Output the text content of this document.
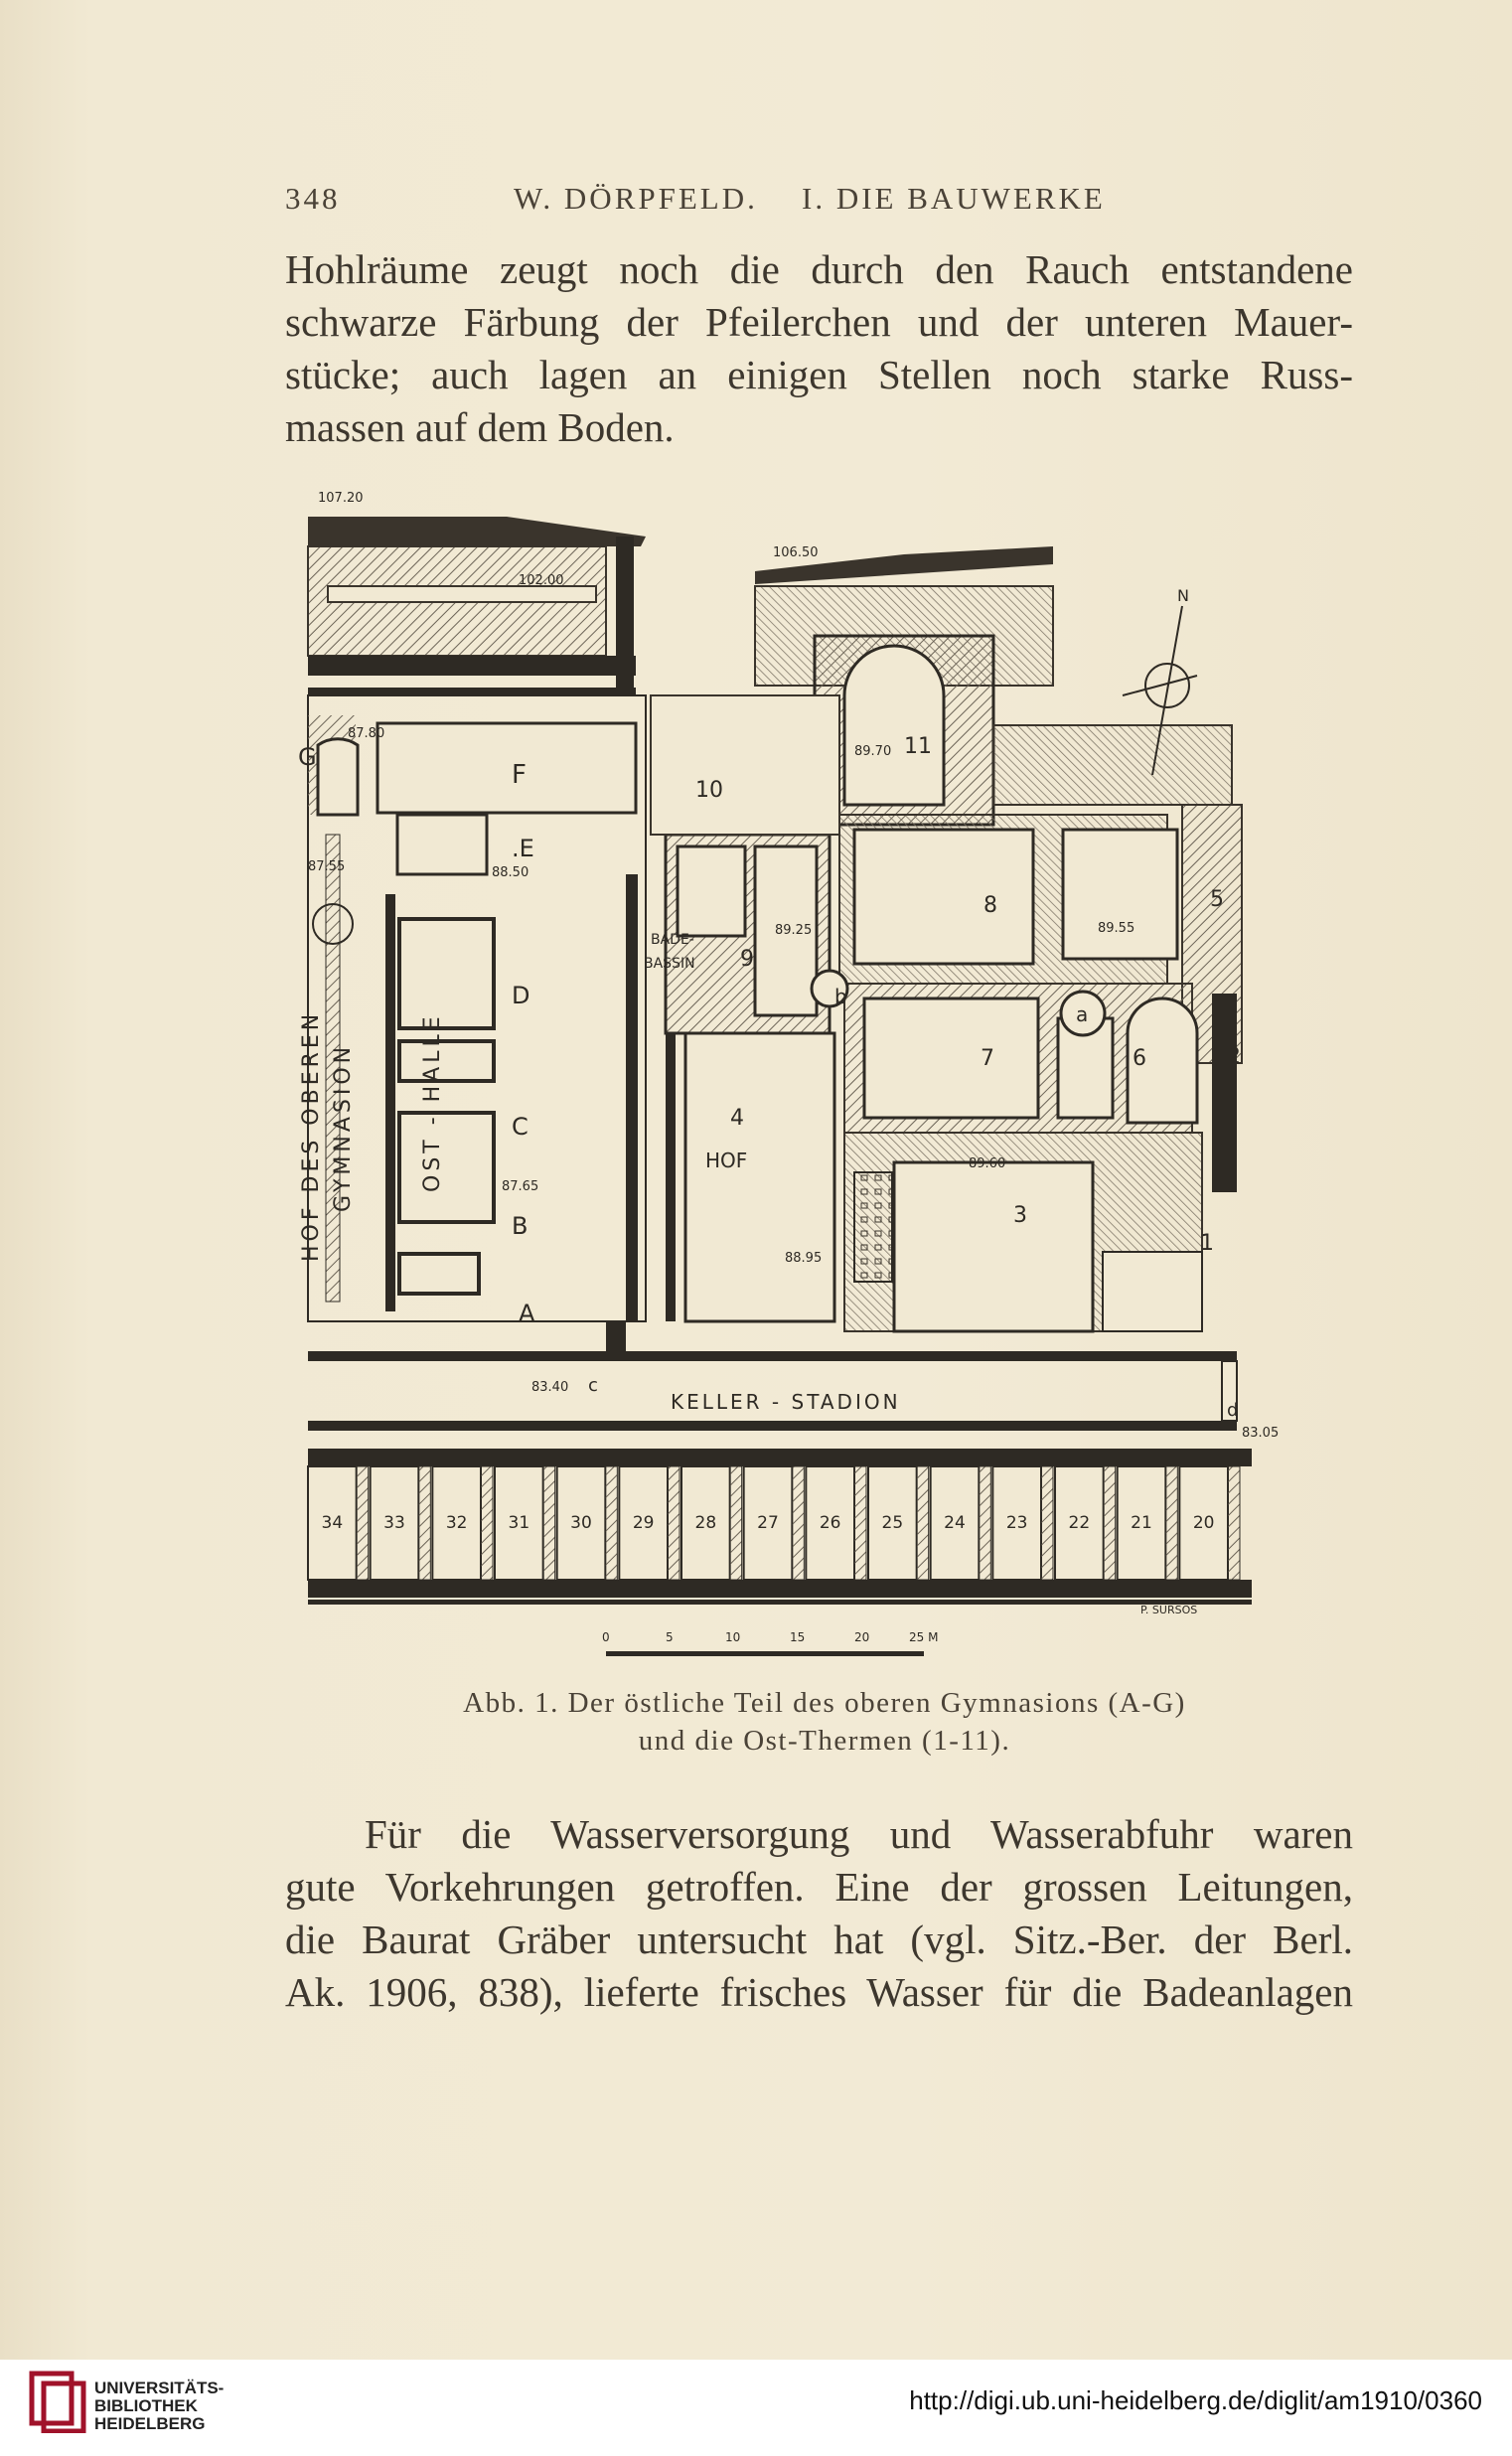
348	W. DÖRPFELD. I. DIE BAUWERKE
Hohlräume zeugt noch die durch den Rauch entstandene
schwarze Färbung der Pfeilerchen und der unteren Mauer-
stücke; auch lagen an einigen Stellen noch starke Russ-
massen auf dem Boden.
34 33 32 31 30 29 28 27 26 25 24 23 22 21 20
N
0	5	10	15	20	25 M
F
G
.E
D
C
B
A
c
d
b
a
1
2
3
4
5
6
7
8
9
10
11
HOF
BADE-
BASSIN
KELLER - STADION
P. SURSOS
107.20
106.50
102.00
87.80
87.55	88.50
89.25
89.70
89.55
89.60
88.95
87.65
83.40
83.05
HOF DES OBEREN GYMNASION	OST - HALLE
Abb. 1. Der östliche Teil des oberen Gymnasions (A-G)
und die Ost-Thermen (1-11).
Für die Wasserversorgung und Wasserabfuhr waren
gute Vorkehrungen getroffen. Eine der grossen Leitungen,
die Baurat Gräber untersucht hat (vgl. Sitz.-Ber. der Berl.
Ak. 1906, 838), lieferte frisches Wasser für die Badeanlagen
UNIVERSITÄTS-
BIBLIOTHEK
HEIDELBERG
http://digi.ub.uni-heidelberg.de/diglit/am1910/0360
